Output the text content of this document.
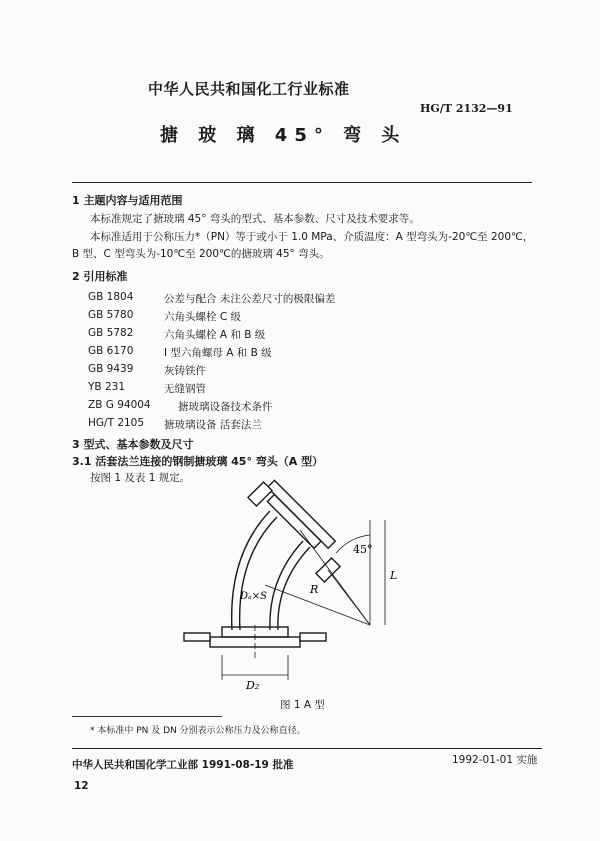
中华人民共和国化工行业标准
HG/T 2132—91
搪 玻 璃 45° 弯 头
1 主题内容与适用范围
本标准规定了搪玻璃 45° 弯头的型式、基本参数、尺寸及技术要求等。
本标准适用于公称压力*（PN）等于或小于 1.0 MPa、介质温度：A 型弯头为-20℃至 200℃，
B 型、C 型弯头为-10℃至 200℃的搪玻璃 45° 弯头。
2 引用标准
GB 1804	公差与配合 未注公差尺寸的极限偏差
GB 5780	六角头螺栓 C 级
GB 5782	六角头螺栓 A 和 B 级
GB 6170	I 型六角螺母 A 和 B 级
GB 9439	灰铸铁件
YB 231	无缝钢管
ZB G 94004	搪玻璃设备技术条件
HG/T 2105 搪玻璃设备 活套法兰
3 型式、基本参数及尺寸
3.1 活套法兰连接的钢制搪玻璃 45° 弯头（A 型）
按图 1 及表 1 规定。
45°
Dₐ×S
R
L
D₂
图 1 A 型
* 本标准中 PN 及 DN 分别表示公称压力及公称直径。
中华人民共和国化学工业部 1991-08-19 批准	1992-01-01 实施
12
